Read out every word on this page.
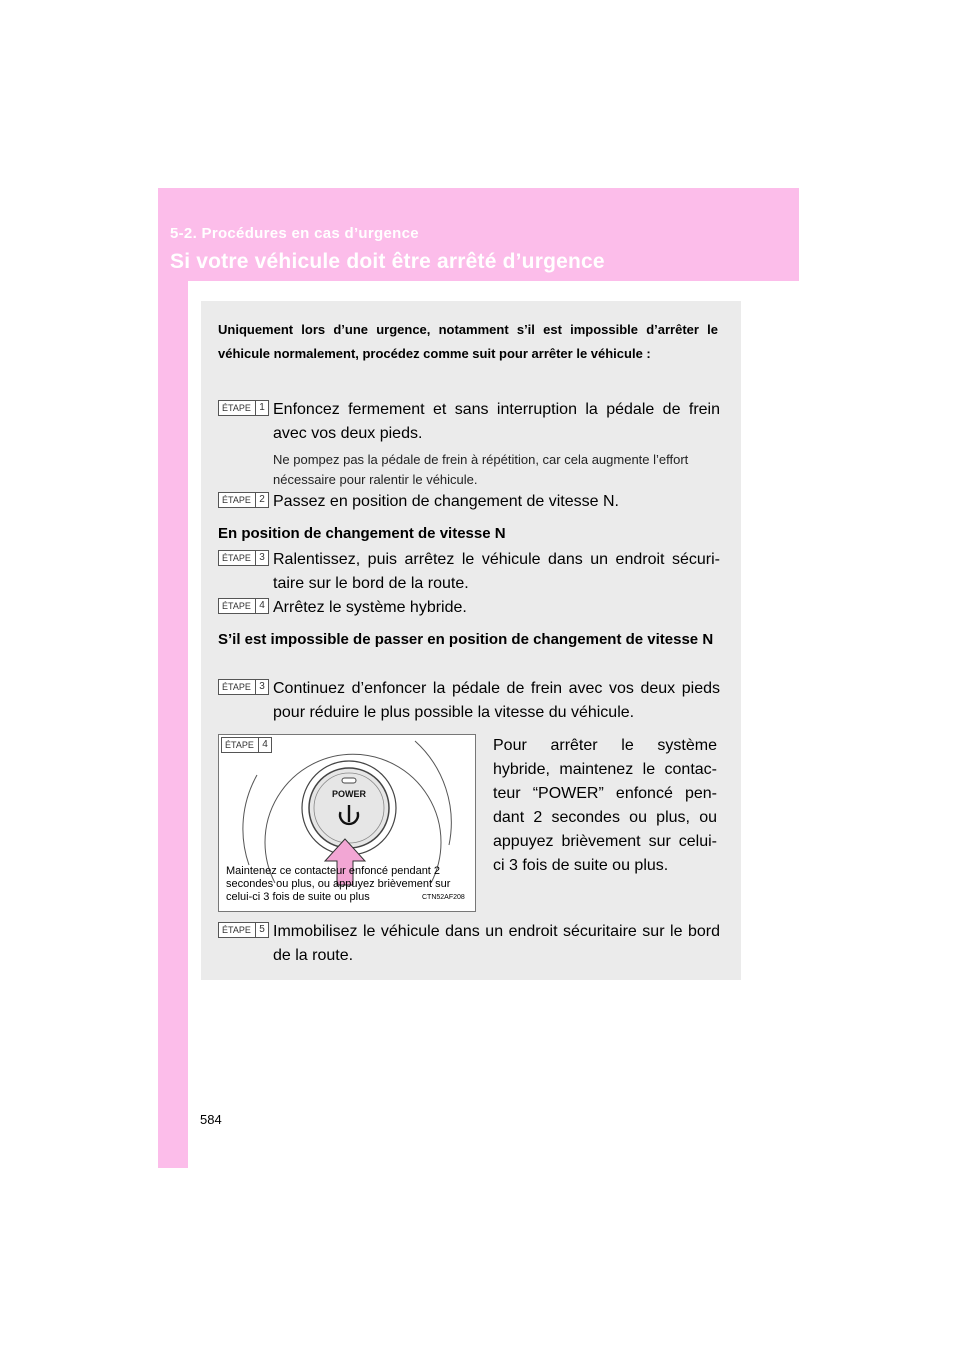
5-2. Procédures en cas d’urgence
Si votre véhicule doit être arrêté d’urgence
Uniquement lors d’une urgence, notamment s’il est impossible d’arrêter le véhicule normalement, procédez comme suit pour arrêter le véhicule :
ÉTAPE 1 Enfoncez fermement et sans interruption la pédale de frein avec vos deux pieds.
Ne pompez pas la pédale de frein à répétition, car cela augmente l’effort nécessaire pour ralentir le véhicule.
ÉTAPE 2 Passez en position de changement de vitesse N.
En position de changement de vitesse N
ÉTAPE 3 Ralentissez, puis arrêtez le véhicule dans un endroit sécuri-taire sur le bord de la route.
ÉTAPE 4 Arrêtez le système hybride.
S’il est impossible de passer en position de changement de vitesse N
ÉTAPE 3 Continuez d’enfoncer la pédale de frein avec vos deux pieds pour réduire le plus possible la vitesse du véhicule.
ÉTAPE 4
POWER
Maintenez ce contacteur enfoncé pendant 2 secondes ou plus, ou appuyez brièvement sur celui-ci 3 fois de suite ou plus	CTN52AF208
Pour arrêter le système hybride, maintenez le contac-teur “POWER” enfoncé pen-dant 2 secondes ou plus, ou appuyez brièvement sur celui-ci 3 fois de suite ou plus.
ÉTAPE 5 Immobilisez le véhicule dans un endroit sécuritaire sur le bord de la route.
584
